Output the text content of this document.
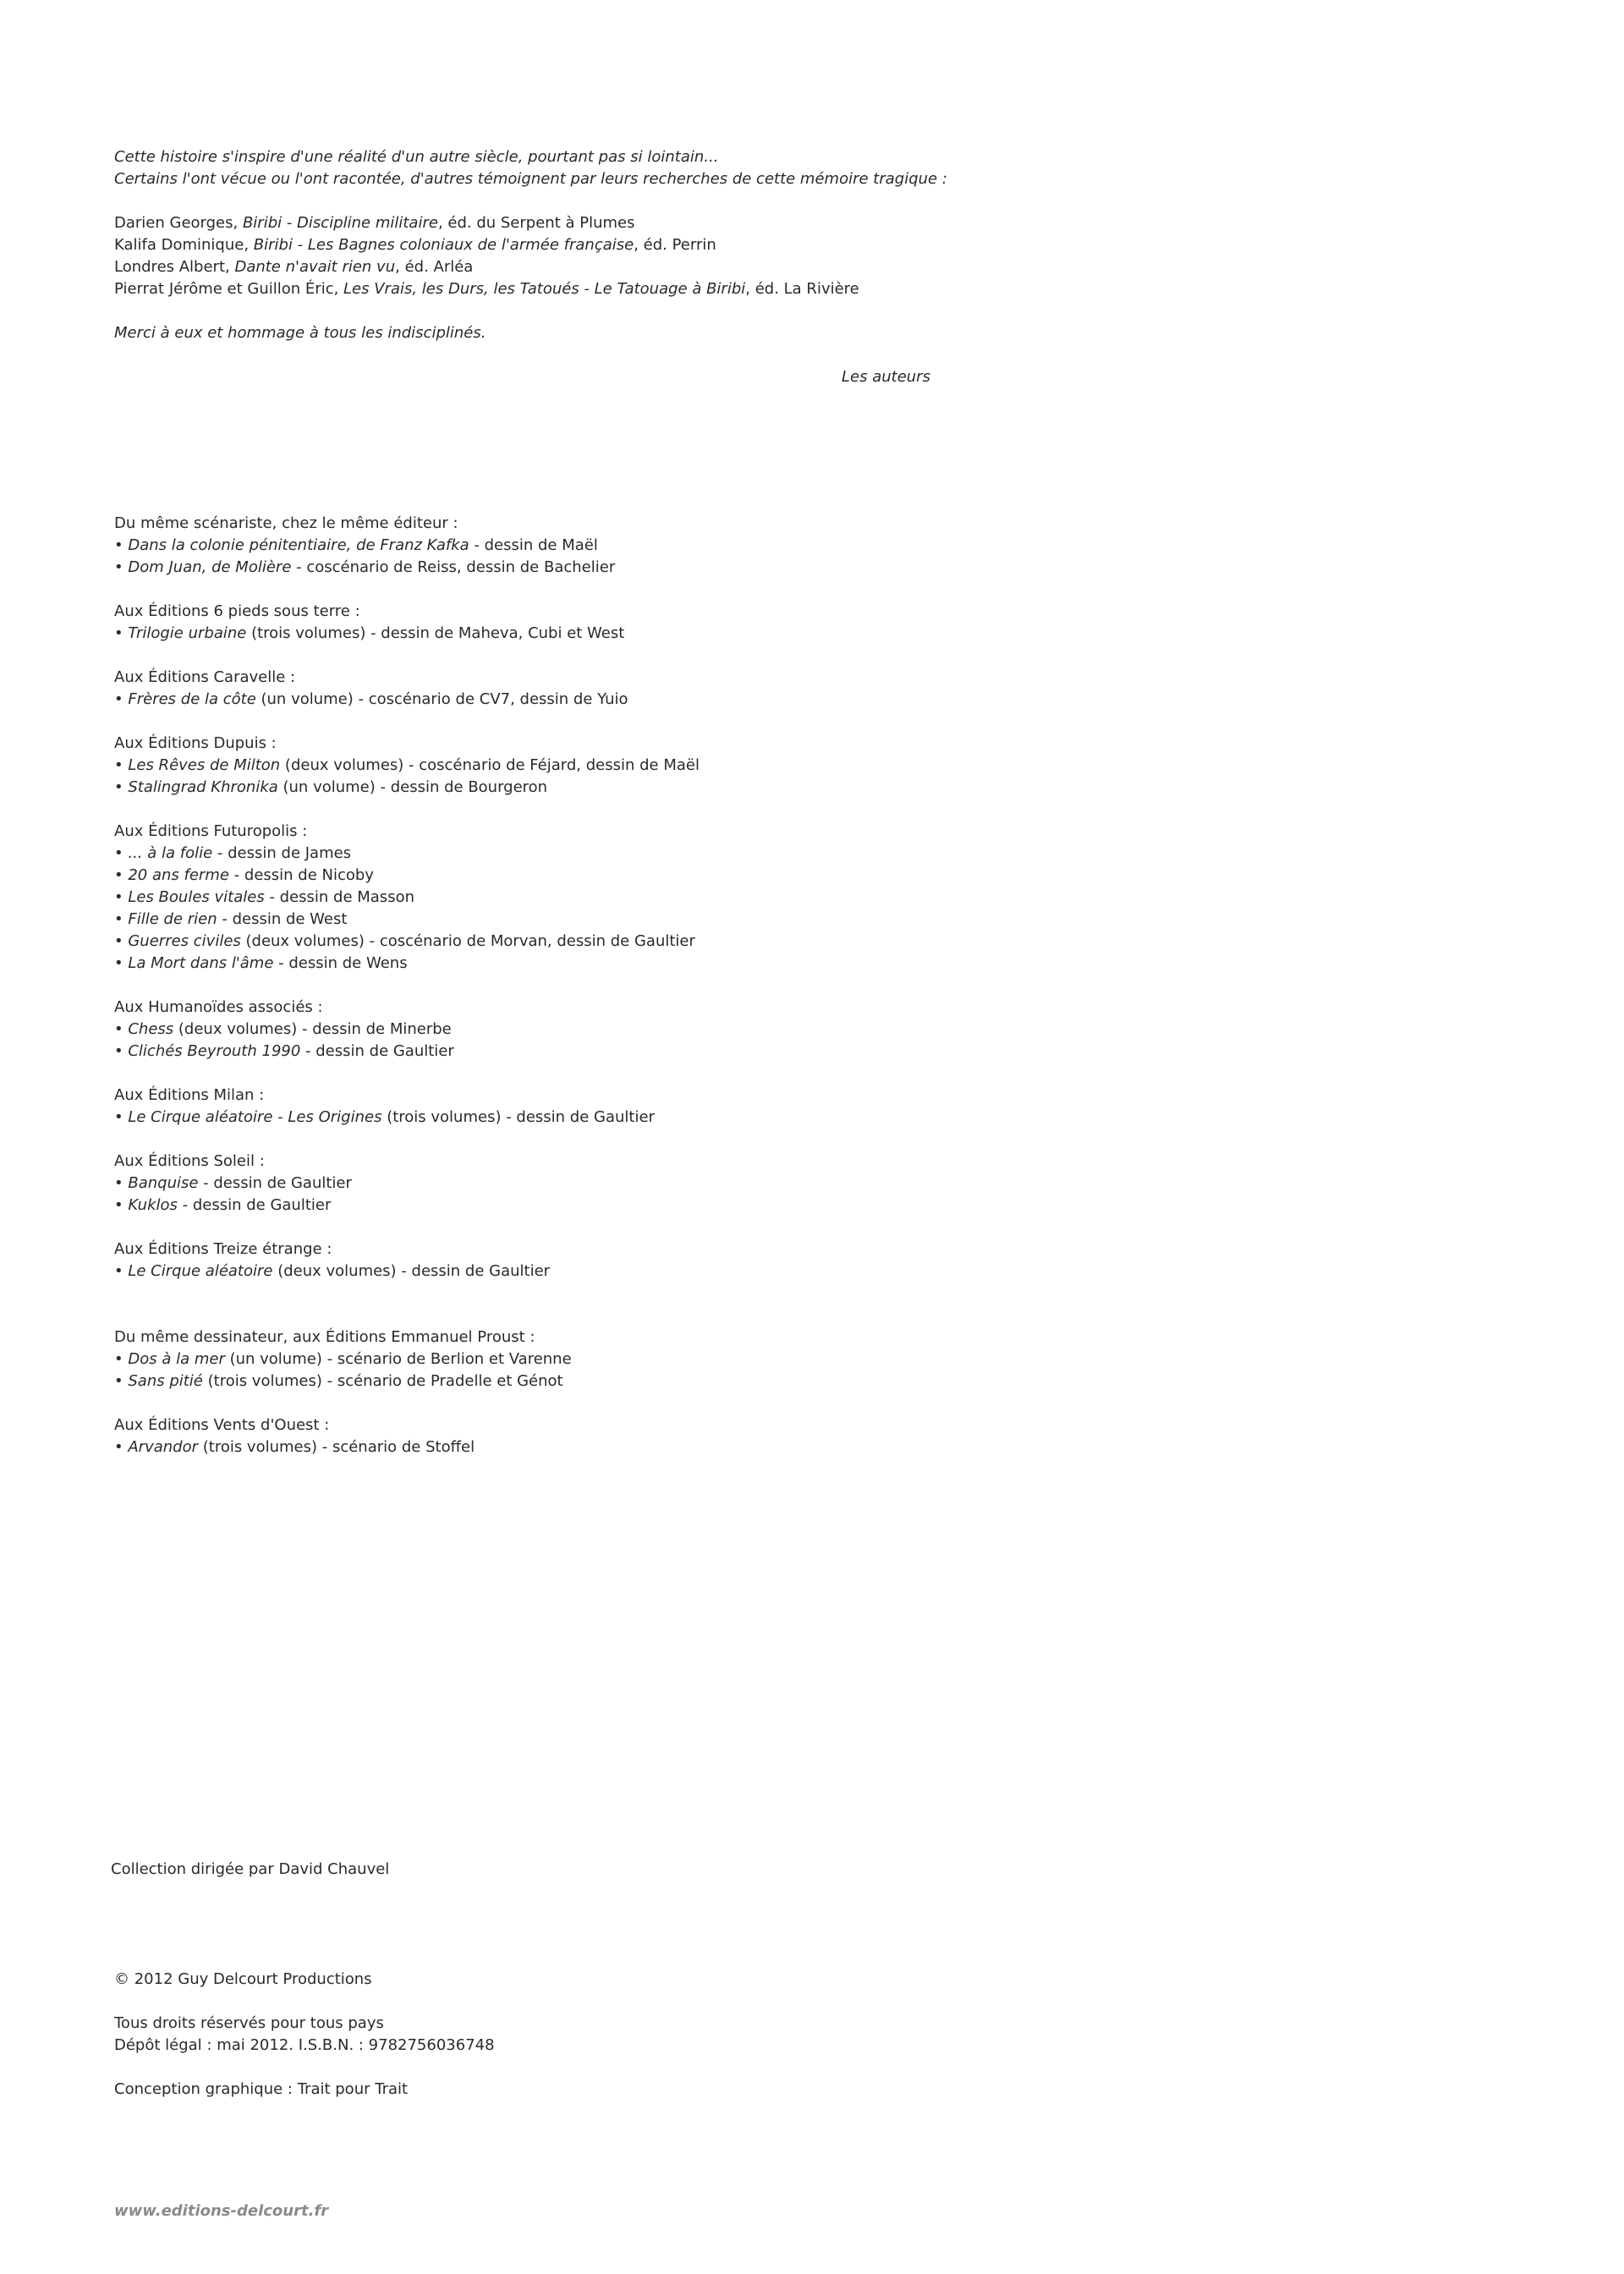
Cette histoire s'inspire d'une réalité d'un autre siècle, pourtant pas si lointain...
Certains l'ont vécue ou l'ont racontée, d'autres témoignent par leurs recherches de cette mémoire tragique :
Darien Georges, Biribi - Discipline militaire, éd. du Serpent à Plumes
Kalifa Dominique, Biribi - Les Bagnes coloniaux de l'armée française, éd. Perrin
Londres Albert, Dante n'avait rien vu, éd. Arléa
Pierrat Jérôme et Guillon Éric, Les Vrais, les Durs, les Tatoués - Le Tatouage à Biribi, éd. La Rivière
Merci à eux et hommage à tous les indisciplinés.
Les auteurs
Du même scénariste, chez le même éditeur :
• Dans la colonie pénitentiaire, de Franz Kafka - dessin de Maël
• Dom Juan, de Molière - coscénario de Reiss, dessin de Bachelier
Aux Éditions 6 pieds sous terre :
• Trilogie urbaine (trois volumes) - dessin de Maheva, Cubi et West
Aux Éditions Caravelle :
• Frères de la côte (un volume) - coscénario de CV7, dessin de Yuio
Aux Éditions Dupuis :
• Les Rêves de Milton (deux volumes) - coscénario de Féjard, dessin de Maël
• Stalingrad Khronika (un volume) - dessin de Bourgeron
Aux Éditions Futuropolis :
• ... à la folie - dessin de James
• 20 ans ferme - dessin de Nicoby
• Les Boules vitales - dessin de Masson
• Fille de rien - dessin de West
• Guerres civiles (deux volumes) - coscénario de Morvan, dessin de Gaultier
• La Mort dans l'âme - dessin de Wens
Aux Humanoïdes associés :
• Chess (deux volumes) - dessin de Minerbe
• Clichés Beyrouth 1990 - dessin de Gaultier
Aux Éditions Milan :
• Le Cirque aléatoire - Les Origines (trois volumes) - dessin de Gaultier
Aux Éditions Soleil :
• Banquise - dessin de Gaultier
• Kuklos - dessin de Gaultier
Aux Éditions Treize étrange :
• Le Cirque aléatoire (deux volumes) - dessin de Gaultier
Du même dessinateur, aux Éditions Emmanuel Proust :
• Dos à la mer (un volume) - scénario de Berlion et Varenne
• Sans pitié (trois volumes) - scénario de Pradelle et Génot
Aux Éditions Vents d'Ouest :
• Arvandor (trois volumes) - scénario de Stoffel
Collection dirigée par David Chauvel
© 2012 Guy Delcourt Productions
Tous droits réservés pour tous pays
Dépôt légal : mai 2012. I.S.B.N. : 9782756036748
Conception graphique : Trait pour Trait
www.editions-delcourt.fr
